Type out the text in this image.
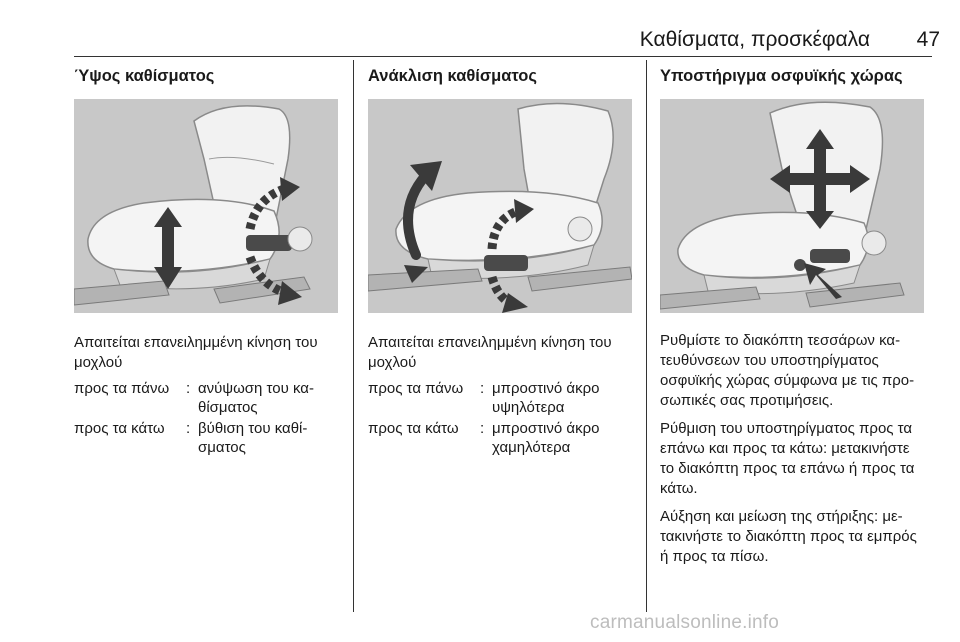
Καθίσματα, προσκέφαλα	47
Ύψος καθίσματος

Απαιτείται επανειλημμένη κίνηση του μοχλού

προς τα πάνω	: ανύψωση του καθίσματος
προς τα κάτω	: βύθιση του καθίσματος
Ανάκλιση καθίσματος

Απαιτείται επανειλημμένη κίνηση του μοχλού

προς τα πάνω	: μπροστινό άκρο υψηλότερα
προς τα κάτω	: μπροστινό άκρο χαμηλότερα
Υποστήριγμα οσφυϊκής χώρας

Ρυθμίστε το διακόπτη τεσσάρων κατευθύνσεων του υποστηρίγματος οσφυϊκής χώρας σύμφωνα με τις προσωπικές σας προτιμήσεις.

Ρύθμιση του υποστηρίγματος προς τα επάνω και προς τα κάτω: μετακινήστε το διακόπτη προς τα επάνω ή προς τα κάτω.

Αύξηση και μείωση της στήριξης: μετακινήστε το διακόπτη προς τα εμπρός ή προς τα πίσω.

carmanualsonline.info
